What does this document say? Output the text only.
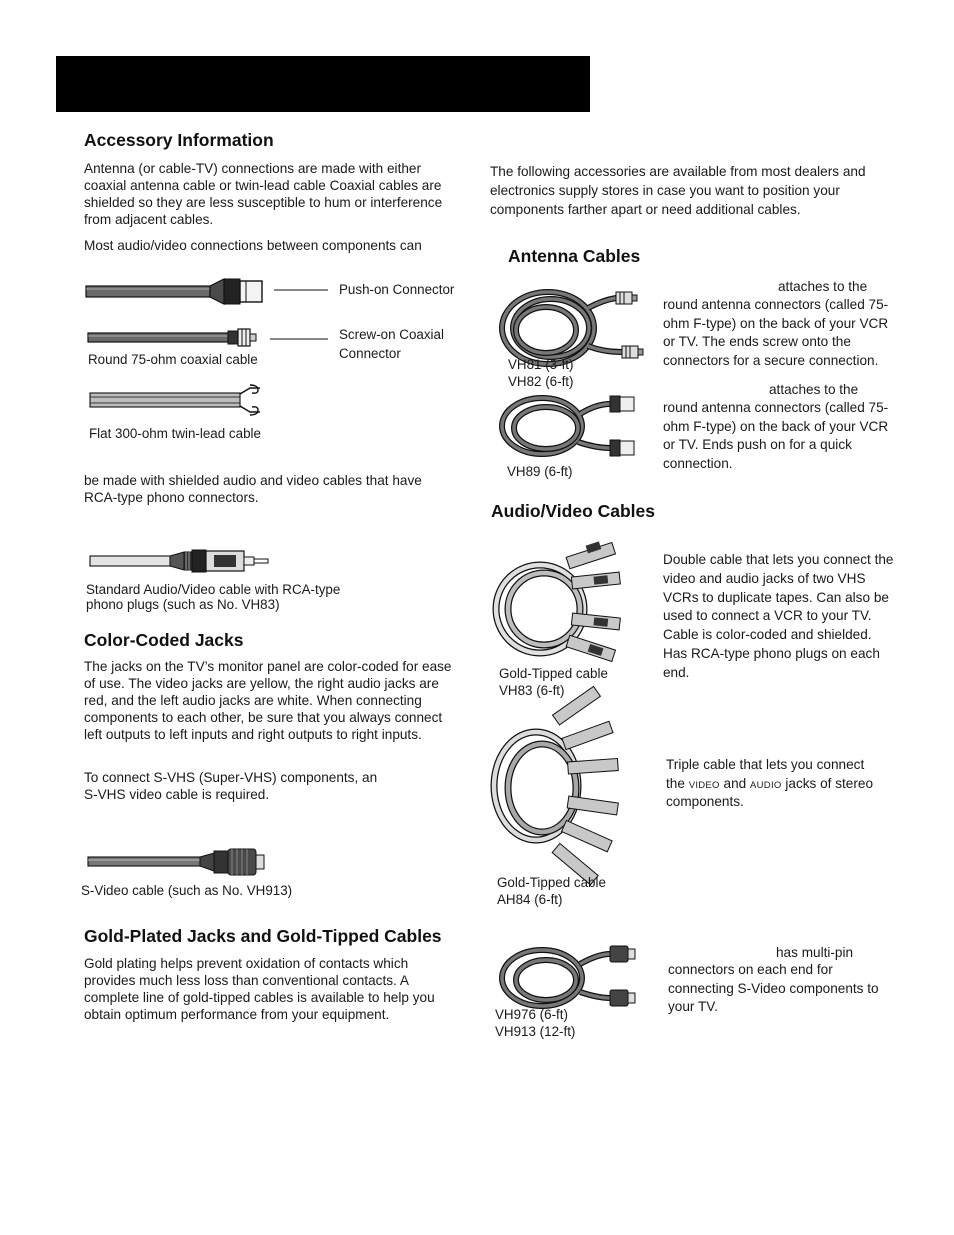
Accessory Information

Antenna (or cable-TV) connections are made with either coaxial antenna cable or twin-lead cable Coaxial cables are shielded so they are less susceptible to hum or interference from adjacent cables.

Most audio/video connections between components can

Push-on Connector
Screw-on Coaxial
Connector
Round 75-ohm coaxial cable
Flat 300-ohm twin-lead cable

be made with shielded audio and video cables that have RCA-type phono connectors.

Standard Audio/Video cable with RCA-type
phono plugs (such as No. VH83)
Color-Coded Jacks

The jacks on the TV’s monitor panel are color-coded for ease of use. The video jacks are yellow, the right audio jacks are red, and the left audio jacks are white. When connecting components to each other, be sure that you always connect left outputs to left inputs and right outputs to right inputs.

To connect S-VHS (Super-VHS) components, an

S-VHS video cable is required.

S-Video cable (such as No. VH913)
Gold-Plated Jacks and Gold-Tipped Cables

Gold plating helps prevent oxidation of contacts which provides much less loss than conventional contacts. A complete line of gold-tipped cables is available to help you obtain optimum performance from your equipment.

The following accessories are available from most dealers and electronics supply stores in case you want to position your components farther apart or need additional cables.

Antenna Cables
VH81 (3-ft)
VH82 (6-ft)

attaches to the

round antenna connectors (called 75-ohm F-type) on the back of your VCR or TV. The ends screw onto the connectors for a secure connection.

VH89 (6-ft)

attaches to the

round antenna connectors (called 75-ohm F-type) on the back of your VCR or TV. Ends push on for a quick connection.

Audio/Video Cables
Gold-Tipped cable
VH83 (6-ft)

Double cable that lets you connect the video and audio jacks of two VHS VCRs to duplicate tapes. Can also be used to connect a VCR to your TV. Cable is color-coded and shielded. Has RCA-type phono plugs on each end.

Gold-Tipped cable
AH84 (6-ft)

Triple cable that lets you connect

the VIDEO and AUDIO jacks of stereo

components.

VH976 (6-ft)
VH913 (12-ft)

has multi-pin

connectors on each end for connecting S-Video components to your TV.
